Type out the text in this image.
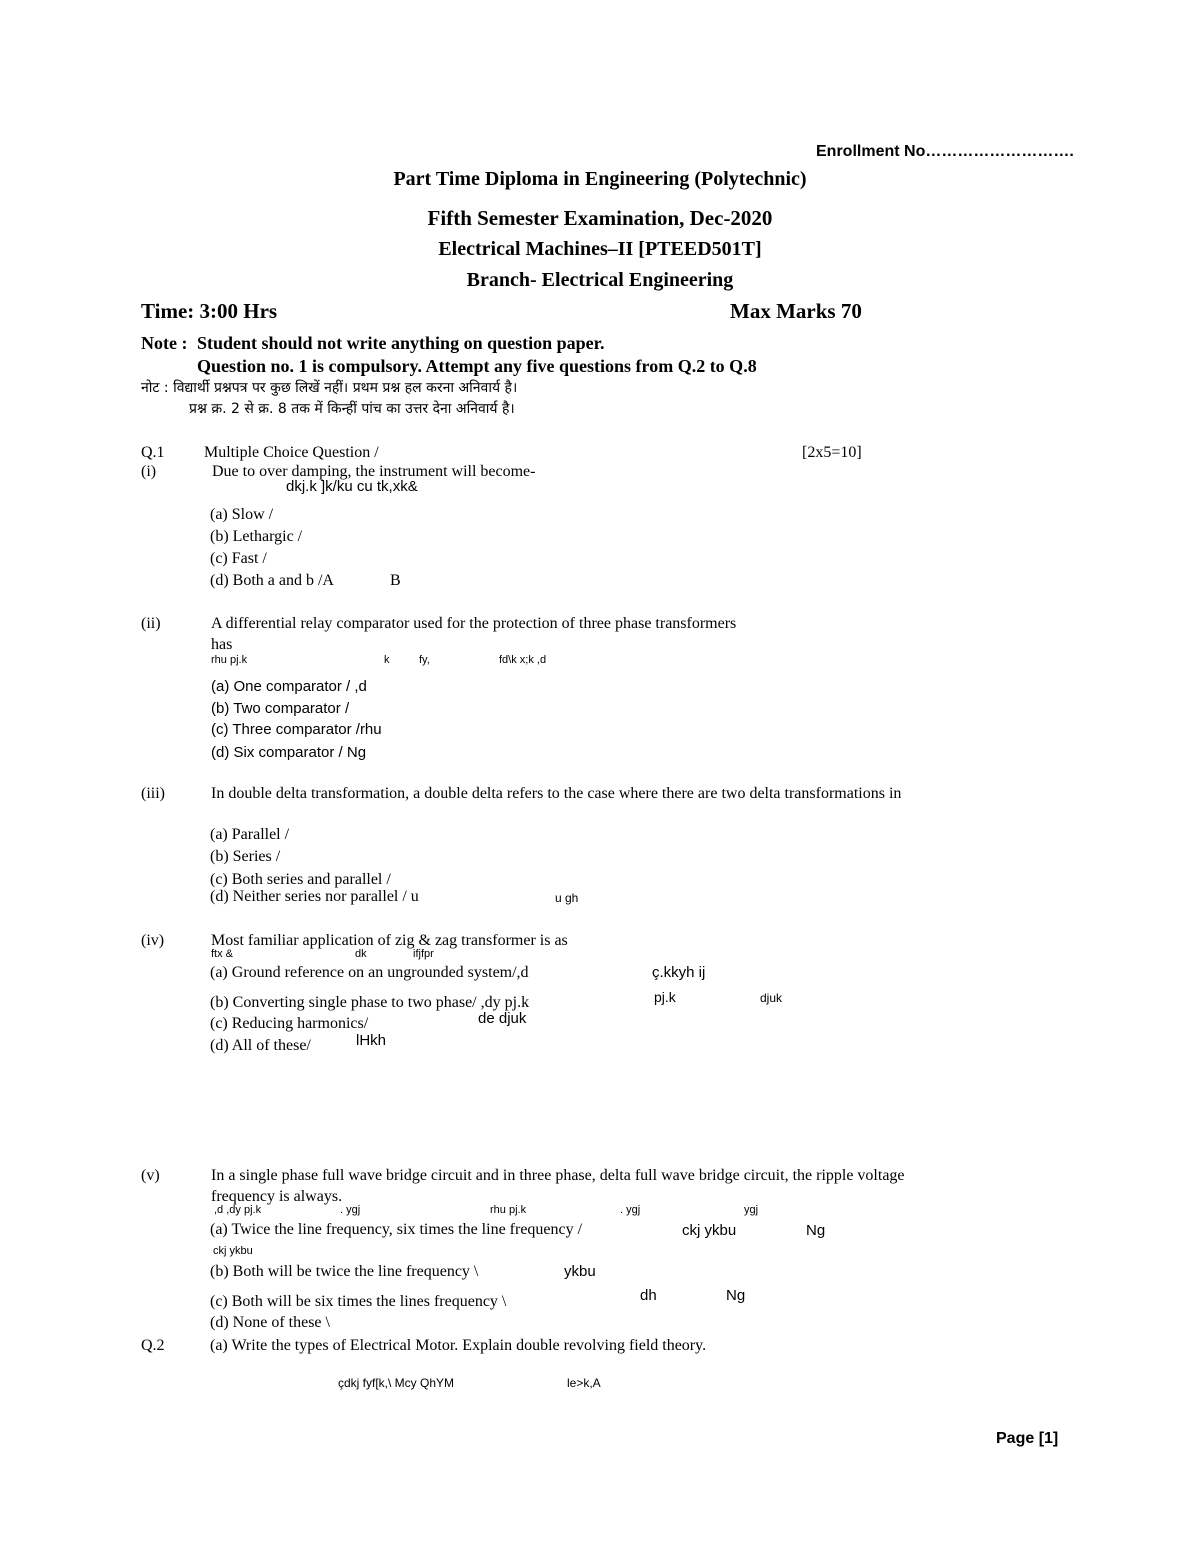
Enrollment No……………………….
Part Time Diploma in Engineering (Polytechnic)
Fifth Semester Examination, Dec-2020
Electrical Machines–II [PTEED501T]
Branch- Electrical Engineering
Time: 3:00 Hrs	Max Marks 70
Note : Student should not write anything on question paper.
Question no. 1 is compulsory. Attempt any five questions from Q.2 to Q.8
नोट : विद्यार्थी प्रश्नपत्र पर कुछ लिखें नहीं। प्रथम प्रश्न हल करना अनिवार्य है।
प्रश्न क्र. 2 से क्र. 8 तक में किन्हीं पांच का उत्तर देना अनिवार्य है।
Q.1 Multiple Choice Question /	[2x5=10]
(i)	Due to over damping, the instrument will become-
dkj.k ]k/ku cu tk,xk&
(a) Slow /
(b) Lethargic /
(c) Fast /
(d) Both a and b /A	B
(ii)	A differential relay comparator used for the protection of three phase transformers
has
rhu pj.k	k	fy,	fd\k x;k ,d
(a) One comparator / ,d
(b) Two comparator /
(c) Three comparator /rhu
(d) Six comparator / Ng
(iii)	In double delta transformation, a double delta refers to the case where there are two delta transformations in
(a) Parallel /
(b) Series /
(c) Both series and parallel /
(d) Neither series nor parallel / u	u gh
(iv)	Most familiar application of zig & zag transformer is as
ftx &	dk	ifjfpr
(a) Ground reference on an ungrounded system/,d	ç.kkyh ij
(b) Converting single phase to two phase/ ,dy pj.k	pj.k	djuk
(c) Reducing harmonics/	de djuk
(d) All of these/	lHkh
(v)	In a single phase full wave bridge circuit and in three phase, delta full wave bridge circuit, the ripple voltage
frequency is always.
,d ,dy pj.k	. ygj	rhu pj.k	. ygj	ygj
(a) Twice the line frequency, six times the line frequency /	ckj ykbu	Ng
ckj ykbu
(b) Both will be twice the line frequency \	ykbu
(c) Both will be six times the lines frequency \	dh	Ng
(d) None of these \
Q.2	(a) Write the types of Electrical Motor. Explain double revolving field theory.
çdkj fyf[k,\ Mcy QhYM	le>k,A
Page [1]
